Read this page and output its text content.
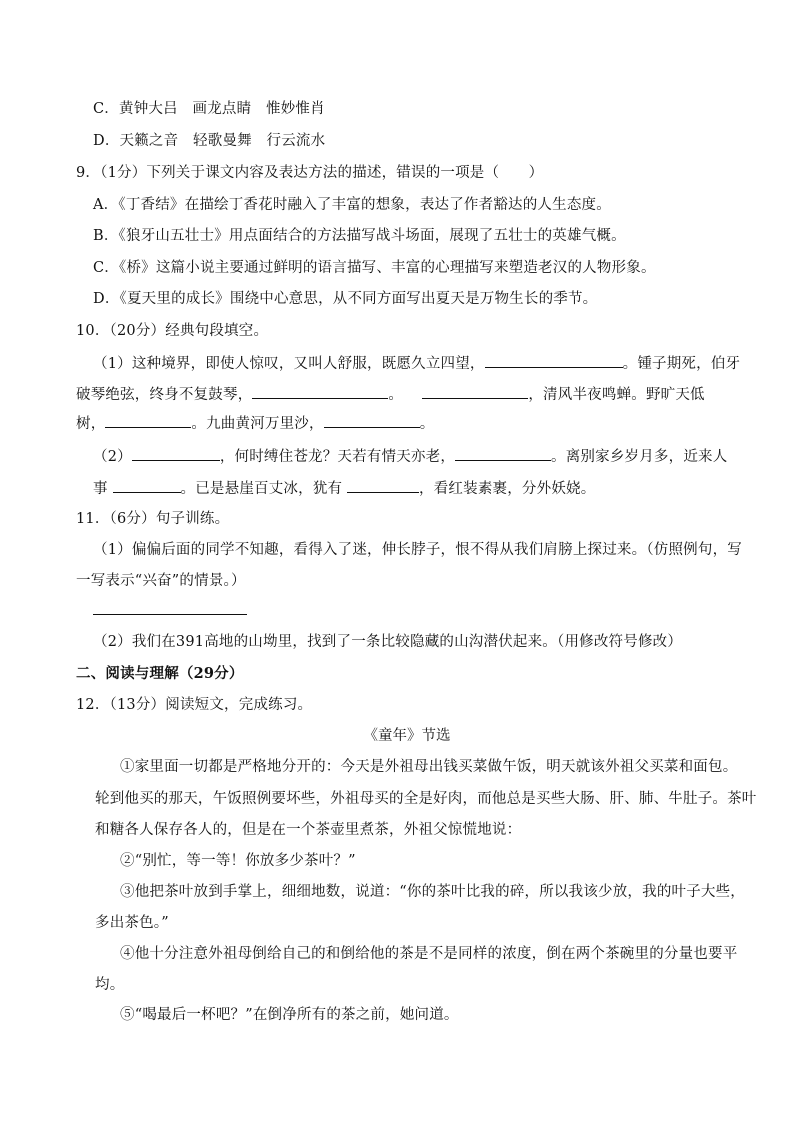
C．黄钟大吕　画龙点睛　惟妙惟肖
D．天籁之音　轻歌曼舞　行云流水
9．（1分）下列关于课文内容及表达方法的描述，错误的一项是（　　）
A．《丁香结》在描绘丁香花时融入了丰富的想象，表达了作者豁达的人生态度。
B．《狼牙山五壮士》用点面结合的方法描写战斗场面，展现了五壮士的英雄气概。
C．《桥》这篇小说主要通过鲜明的语言描写、丰富的心理描写来塑造老汉的人物形象。
D．《夏天里的成长》围绕中心意思，从不同方面写出夏天是万物生长的季节。
10．（20分）经典句段填空。
（1）这种境界，即使人惊叹，又叫人舒服，既愿久立四望，	。锺子期死，伯牙
破琴绝弦，终身不复鼓琴，	。	，清风半夜鸣蝉。野旷天低
树，	。九曲黄河万里沙，	。
（2）	，何时缚住苍龙？天若有情天亦老，	。离别家乡岁月多，近来人
事	。已是悬崖百丈冰，犹有	，看红装素裹，分外妖娆。
11．（6分）句子训练。
（1）偏偏后面的同学不知趣，看得入了迷，伸长脖子，恨不得从我们肩膀上探过来。（仿照例句，写
一写表示“兴奋”的情景。）
（2）我们在391高地的山坳里，找到了一条比较隐藏的山沟潜伏起来。（用修改符号修改）
二、阅读与理解（29分）
12．（13分）阅读短文，完成练习。
《童年》节选
①家里面一切都是严格地分开的：今天是外祖母出钱买菜做午饭，明天就该外祖父买菜和面包。
轮到他买的那天，午饭照例要坏些，外祖母买的全是好肉，而他总是买些大肠、肝、肺、牛肚子。茶叶
和糖各人保存各人的，但是在一个茶壶里煮茶，外祖父惊慌地说：
②“别忙，等一等！你放多少茶叶？”
③他把茶叶放到手掌上，细细地数，说道：“你的茶叶比我的碎，所以我该少放，我的叶子大些，
多出茶色。”
④他十分注意外祖母倒给自己的和倒给他的茶是不是同样的浓度，倒在两个茶碗里的分量也要平
均。
⑤“喝最后一杯吧？”在倒净所有的茶之前，她问道。
